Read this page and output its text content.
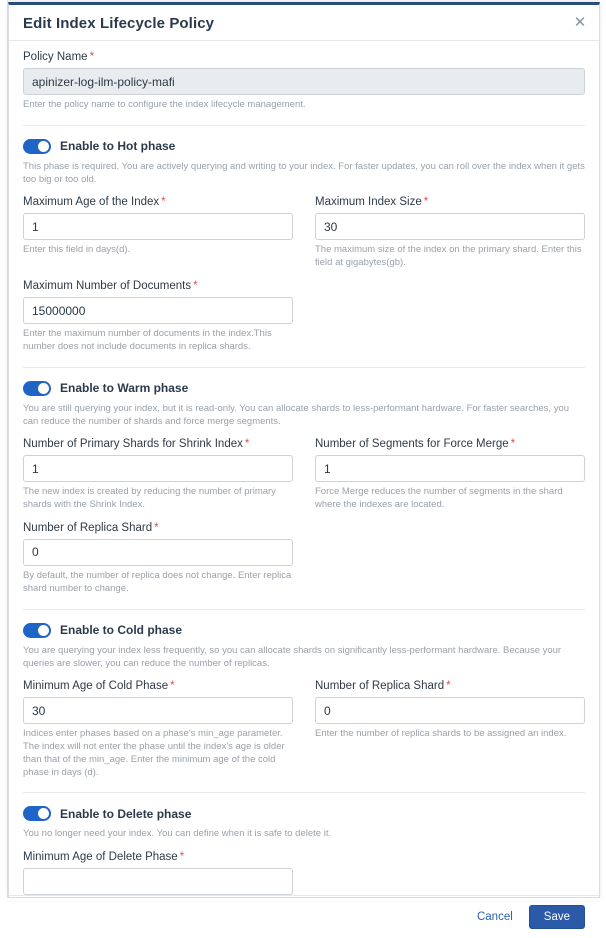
Edit Index Lifecycle Policy	✕
Policy Name *
apinizer-log-ilm-policy-mafi
Enter the policy name to configure the index lifecycle management.
Enable to Hot phase
This phase is required. You are actively querying and writing to your index. For faster updates, you can roll over the index when it gets too big or too old.
Maximum Age of the Index *
1
Enter this field in days(d).
Maximum Index Size *
30
The maximum size of the index on the primary shard. Enter this field at gigabytes(gb).
Maximum Number of Documents *
15000000
Enter the maximum number of documents in the index.This number does not include documents in replica shards.
Enable to Warm phase
You are still querying your index, but it is read-only. You can allocate shards to less-performant hardware. For faster searches, you can reduce the number of shards and force merge segments.
Number of Primary Shards for Shrink Index *
1
The new index is created by reducing the number of primary shards with the Shrink Index.
Number of Segments for Force Merge *
1
Force Merge reduces the number of segments in the shard where the indexes are located.
Number of Replica Shard *
0
By default, the number of replica does not change. Enter replica shard number to change.
Enable to Cold phase
You are querying your index less frequently, so you can allocate shards on significantly less-performant hardware. Because your queries are slower, you can reduce the number of replicas.
Minimum Age of Cold Phase *
30
Indices enter phases based on a phase's min_age parameter. The index will not enter the phase until the index's age is older than that of the min_age. Enter the minimum age of the cold phase in days (d).
Number of Replica Shard *
0
Enter the number of replica shards to be assigned an index.
Enable to Delete phase
You no longer need your index. You can define when it is safe to delete it.
Minimum Age of Delete Phase *
Cancel	Save
